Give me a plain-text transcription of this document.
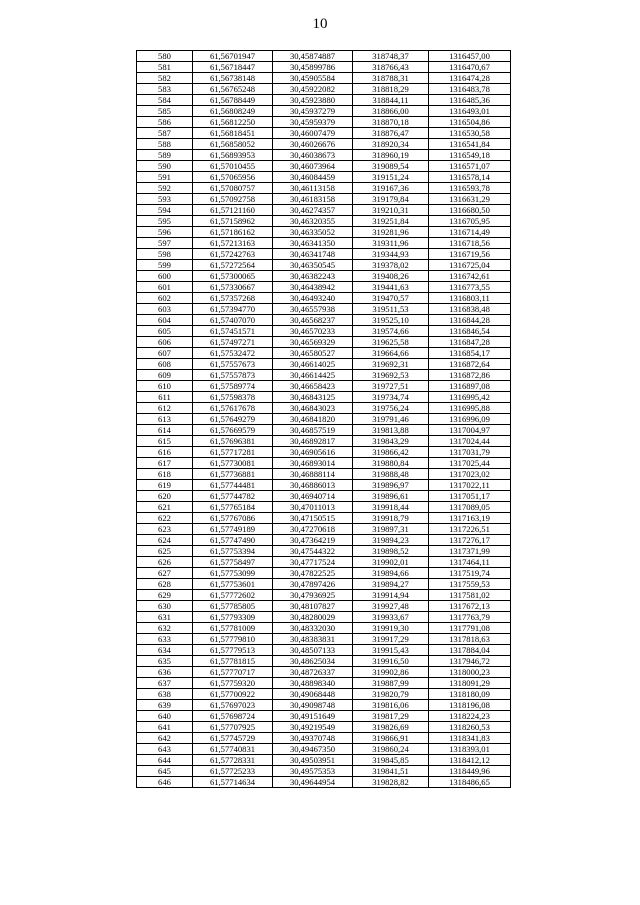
10
580	61,56701947	30,45874887	318748,37	1316457,00
581	61,56718447	30,45899786	318766,43	1316470,67
582	61,56738148	30,45905584	318788,31	1316474,28
583	61,56765248	30,45922082	318818,29	1316483,78
584	61,56788449	30,45923880	318844,11	1316485,36
585	61,56808249	30,45937279	318866,00	1316493,01
586	61,56812250	30,45959379	318870,18	1316504,86
587	61,56818451	30,46007479	318876,47	1316530,58
588	61,56858052	30,46026676	318920,34	1316541,84
589	61,56893953	30,46038673	318960,19	1316549,18
590	61,57010455	30,46073964	319089,54	1316571,07
591	61,57065956	30,46084459	319151,24	1316578,14
592	61,57080757	30,46113158	319167,36	1316593,78
593	61,57092758	30,46183158	319179,84	1316631,29
594	61,57121160	30,46274357	319210,31	1316680,50
595	61,57158962	30,46320355	319251,84	1316705,95
596	61,57186162	30,46335052	319281,96	1316714,49
597	61,57213163	30,46341350	319311,96	1316718,56
598	61,57242763	30,46341748	319344,93	1316719,56
599	61,57272564	30,46350545	319378,02	1316725,04
600	61,57300065	30,46382243	319408,26	1316742,61
601	61,57330667	30,46438942	319441,63	1316773,55
602	61,57357268	30,46493240	319470,57	1316803,11
603	61,57394770	30,46557938	319511,53	1316838,48
604	61,57407070	30,46568237	319525,10	1316844,28
605	61,57451571	30,46570233	319574,66	1316846,54
606	61,57497271	30,46569329	319625,58	1316847,28
607	61,57532472	30,46580527	319664,66	1316854,17
608	61,57557673	30,46614025	319692,31	1316872,64
609	61,57557873	30,46614425	319692,53	1316872,86
610	61,57589774	30,46658423	319727,51	1316897,08
611	61,57598378	30,46843125	319734,74	1316995,42
612	61,57617678	30,46843023	319756,24	1316995,88
613	61,57649279	30,46841820	319791,46	1316996,09
614	61,57669579	30,46857519	319813,88	1317004,97
615	61,57696381	30,46892817	319843,29	1317024,44
616	61,57717281	30,46905616	319866,42	1317031,79
617	61,57730081	30,46893014	319880,84	1317025,44
618	61,57736881	30,46888114	319888,48	1317023,02
619	61,57744481	30,46886013	319896,97	1317022,11
620	61,57744782	30,46940714	319896,61	1317051,17
621	61,57765184	30,47011013	319918,44	1317089,05
622	61,57767086	30,47150515	319918,79	1317163,19
623	61,57749189	30,47270618	319897,31	1317226,51
624	61,57747490	30,47364219	319894,23	1317276,17
625	61,57753394	30,47544322	319898,52	1317371,99
626	61,57758497	30,47717524	319902,01	1317464,11
627	61,57753099	30,47822525	319894,66	1317519,74
628	61,57753601	30,47897426	319894,27	1317559,53
629	61,57772602	30,47936925	319914,94	1317581,02
630	61,57785805	30,48107827	319927,48	1317672,13
631	61,57793309	30,48280029	319933,67	1317763,79
632	61,57781009	30,48332030	319919,30	1317791,08
633	61,57779810	30,48383831	319917,29	1317818,63
634	61,57779513	30,48507133	319915,43	1317884,04
635	61,57781815	30,48625034	319916,50	1317946,72
636	61,57770717	30,48726337	319902,86	1318000,23
637	61,57759320	30,48898340	319887,99	1318091,29
638	61,57700922	30,49068448	319820,79	1318180,09
639	61,57697023	30,49098748	319816,06	1318196,08
640	61,57698724	30,49151649	319817,29	1318224,23
641	61,57707925	30,49219549	319826,69	1318260,53
642	61,57745729	30,49370748	319866,91	1318341,83
643	61,57740831	30,49467350	319860,24	1318393,01
644	61,57728331	30,49503951	319845,85	1318412,12
645	61,57725233	30,49575353	319841,51	1318449,96
646	61,57714634	30,49644954	319828,82	1318486,65
